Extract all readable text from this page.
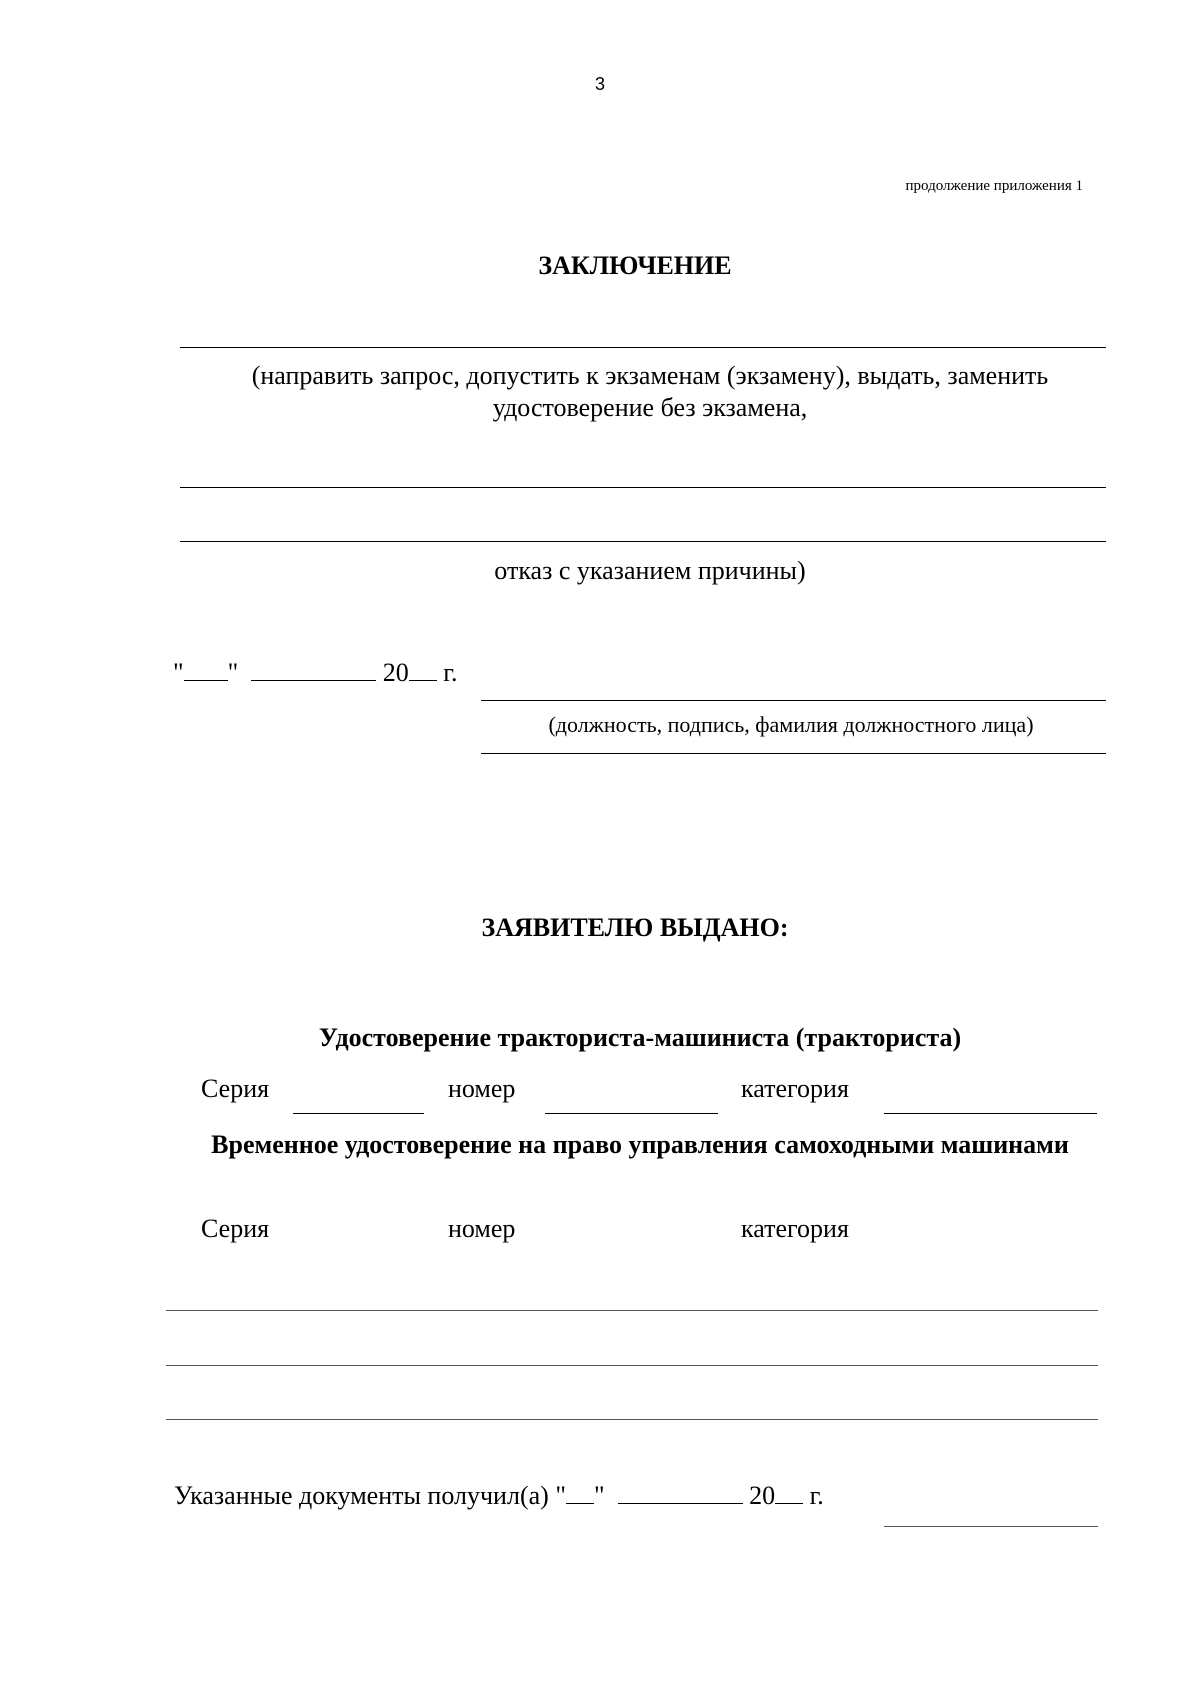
3
продолжение приложения 1
ЗАКЛЮЧЕНИЕ
(направить запрос, допустить к экзаменам (экзамену), выдать, заменить удостоверение без экзамена,
отказ с указанием причины)
" "	20 г.
(должность, подпись, фамилия должностного лица)
ЗАЯВИТЕЛЮ ВЫДАНО:
Удостоверение тракториста-машиниста (тракториста)
Серия	номер	категория
Временное удостоверение на право управления самоходными машинами
Серия	номер	категория
Указанные документы получил(а) " "	20 г.
